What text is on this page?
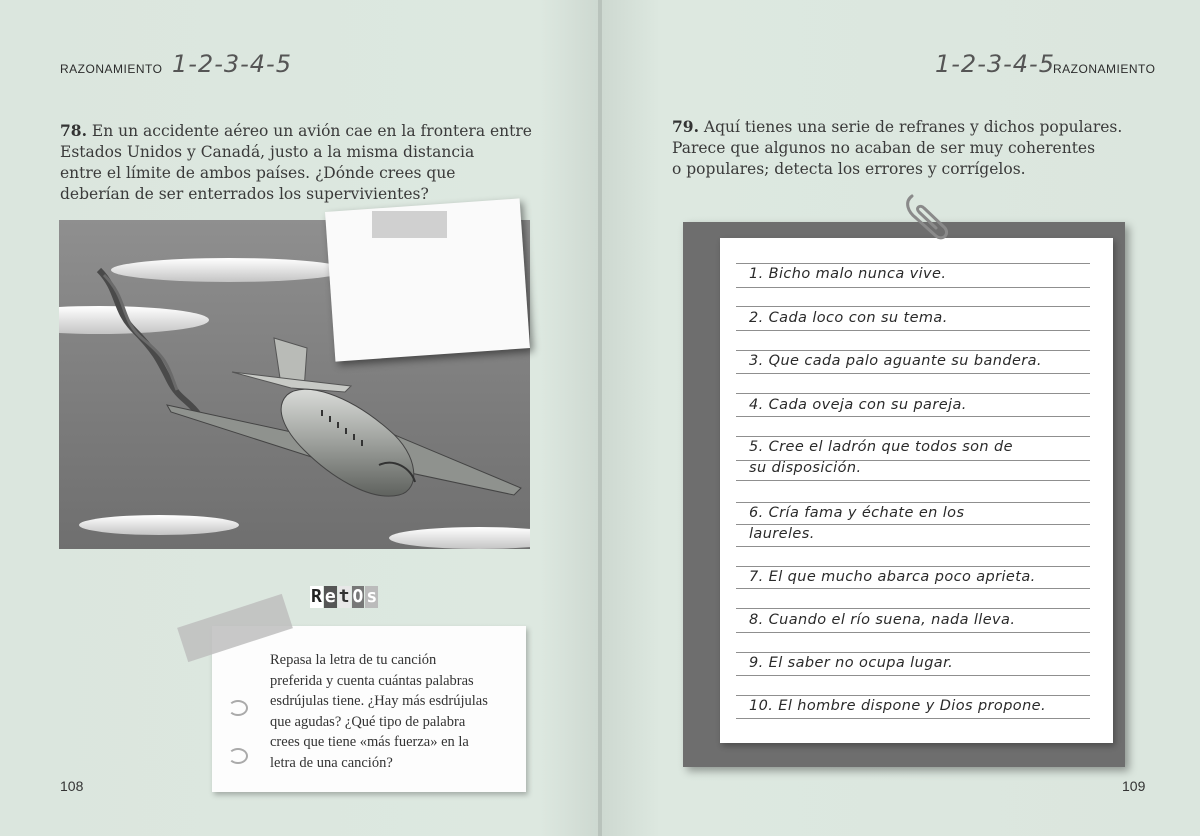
RAZONAMIENTO 1-2-3-4-5
78. En un accidente aéreo un avión cae en la frontera entre
Estados Unidos y Canadá, justo a la misma distancia
entre el límite de ambos países. ¿Dónde crees que
deberían de ser enterrados los supervivientes?
R e t O s
Repasa la letra de tu canción
preferida y cuenta cuántas palabras
esdrújulas tiene. ¿Hay más esdrújulas
que agudas? ¿Qué tipo de palabra
crees que tiene «más fuerza» en la
letra de una canción?
108
1-2-3-4-5
RAZONAMIENTO
79. Aquí tienes una serie de refranes y dichos populares.
Parece que algunos no acaban de ser muy coherentes
o populares; detecta los errores y corrígelos.
1. Bicho malo nunca vive.
2. Cada loco con su tema.
3. Que cada palo aguante su bandera.
4. Cada oveja con su pareja.
5. Cree el ladrón que todos son de
su disposición.
6. Cría fama y échate en los
laureles.
7. El que mucho abarca poco aprieta.
8. Cuando el río suena, nada lleva.
9. El saber no ocupa lugar.
10. El hombre dispone y Dios propone.
109
